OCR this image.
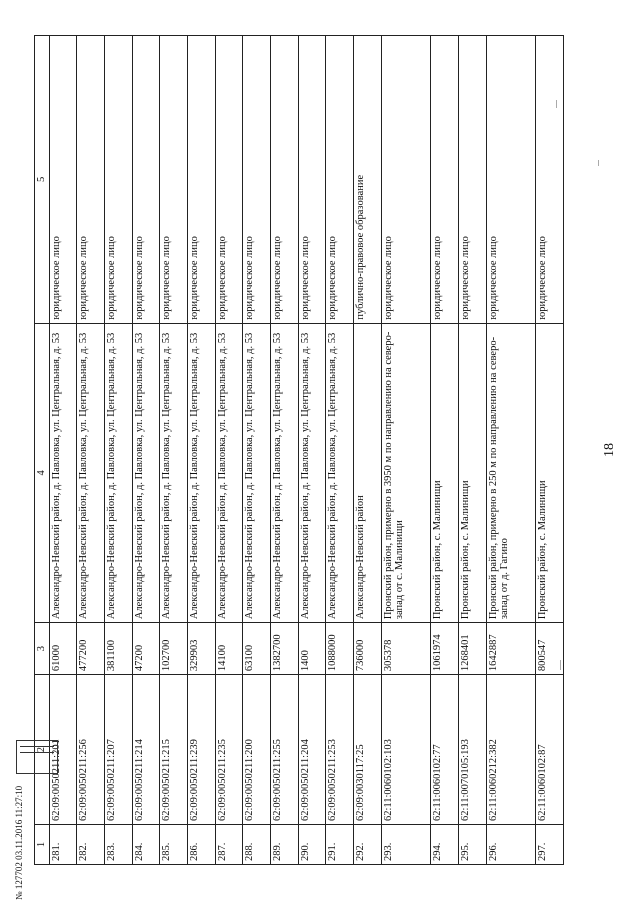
1	2	3	4	5
281.	62:09:0050211:201	61000	Александро-Невский район, д. Павловка, ул. Центральная, д. 53	юридическое лицо
282.	62:09:0050211:256	477200	Александро-Невский район, д. Павловка, ул. Центральная, д. 53	юридическое лицо
283.	62:09:0050211:207	381100	Александро-Невский район, д. Павловка, ул. Центральная, д. 53	юридическое лицо
284.	62:09:0050211:214	47200	Александро-Невский район, д. Павловка, ул. Центральная, д. 53	юридическое лицо
285.	62:09:0050211:215	102700	Александро-Невский район, д. Павловка, ул. Центральная, д. 53	юридическое лицо
286.	62:09:0050211:239	329903	Александро-Невский район, д. Павловка, ул. Центральная, д. 53	юридическое лицо
287.	62:09:0050211:235	14100	Александро-Невский район, д. Павловка, ул. Центральная, д. 53	юридическое лицо
288.	62:09:0050211:200	63100	Александро-Невский район, д. Павловка, ул. Центральная, д. 53	юридическое лицо
289.	62:09:0050211:255	1382700	Александро-Невский район, д. Павловка, ул. Центральная, д. 53	юридическое лицо
290.	62:09:0050211:204	1400	Александро-Невский район, д. Павловка, ул. Центральная, д. 53	юридическое лицо
291.	62:09:0050211:253	1088000	Александро-Невский район, д. Павловка, ул. Центральная, д. 53	юридическое лицо
292.	62:09:0030117:25	736000	Александро-Невский район	публично-правовое образование
293.	62:11:0060102:103	305378	Пронский район, примерно в 3950 м по направлению на северо-запад от с. Малинищи	юридическое лицо
294.	62:11:0060102:77	1061974	Пронский район, с. Малинищи	юридическое лицо
295.	62:11:0070105:193	1268401	Пронский район, с. Малинищи	юридическое лицо
296.	62:11:0060212:382	1642887	Пронский район, примерно в 250 м по направлению на северо-запад от д. Гагино	юридическое лицо
297.	62:11:0060102:87	800547	Пронский район, с. Малинищи	юридическое лицо
18
№ 127702 03.11.2016 11:27:10
